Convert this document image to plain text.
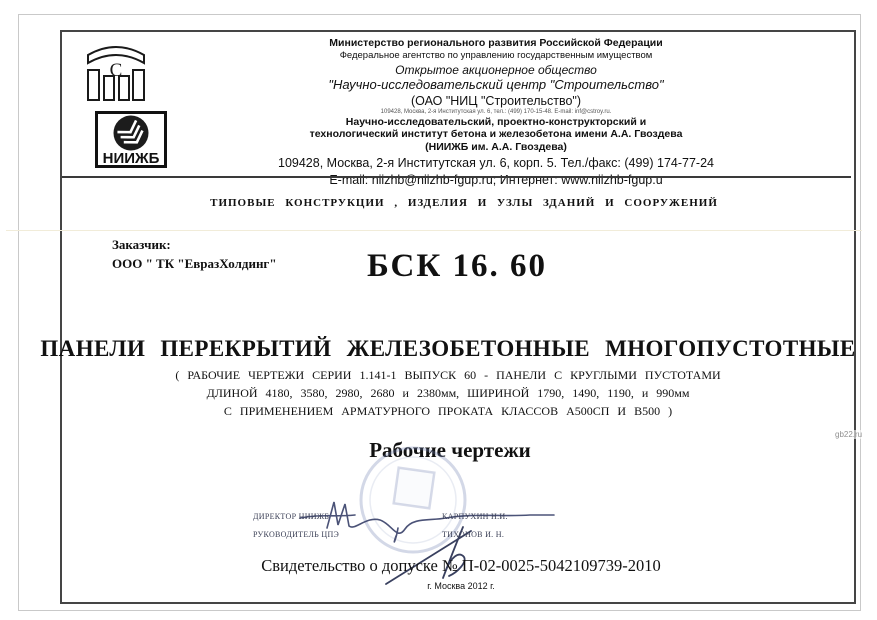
С
НИИЖБ
Министерство регионального развития Российской Федерации
Федеральное агентство по управлению государственным имуществом
Открытое акционерное общество
"Научно-исследовательский центр "Строительство"
(ОАО "НИЦ "Строительство")
109428, Москва, 2-я Институтская ул. 6, тел.: (499) 170-15-48. E-mail: inf@cstroy.ru.
Научно-исследовательский, проектно-конструкторский и
технологический институт бетона и железобетона имени А.А. Гвоздева
(НИИЖБ им. А.А. Гвоздева)
109428, Москва, 2-я Институтская ул. 6, корп. 5. Тел./факс: (499) 174-77-24
E-mail: niizhb@niizhb-fgup.ru; Интернет: www.niizhb-fgup.u
ТИПОВЫЕ КОНСТРУКЦИИ , ИЗДЕЛИЯ И УЗЛЫ ЗДАНИЙ И СООРУЖЕНИЙ
Заказчик:
ООО " ТК "ЕвразХолдинг"	БСК 16. 60
ПАНЕЛИ ПЕРЕКРЫТИЙ ЖЕЛЕЗОБЕТОННЫЕ МНОГОПУСТОТНЫЕ
( РАБОЧИЕ ЧЕРТЕЖИ СЕРИИ 1.141-1 ВЫПУСК 60 - ПАНЕЛИ С КРУГЛЫМИ ПУСТОТАМИ
ДЛИНОЙ 4180, 3580, 2980, 2680 и 2380мм, ШИРИНОЙ 1790, 1490, 1190, и 990мм
С ПРИМЕНЕНИЕМ АРМАТУРНОГО ПРОКАТА КЛАССОВ А500СП И В500 )
Рабочие чертежи
gb22.ru
ДИРЕКТОР НИИЖБ
РУКОВОДИТЕЛЬ ЦПЭ
КАРПУХИН Н.И.
ТИХОНОВ И. Н.
Свидетельство о допуске № П-02-0025-5042109739-2010
г. Москва 2012 г.
